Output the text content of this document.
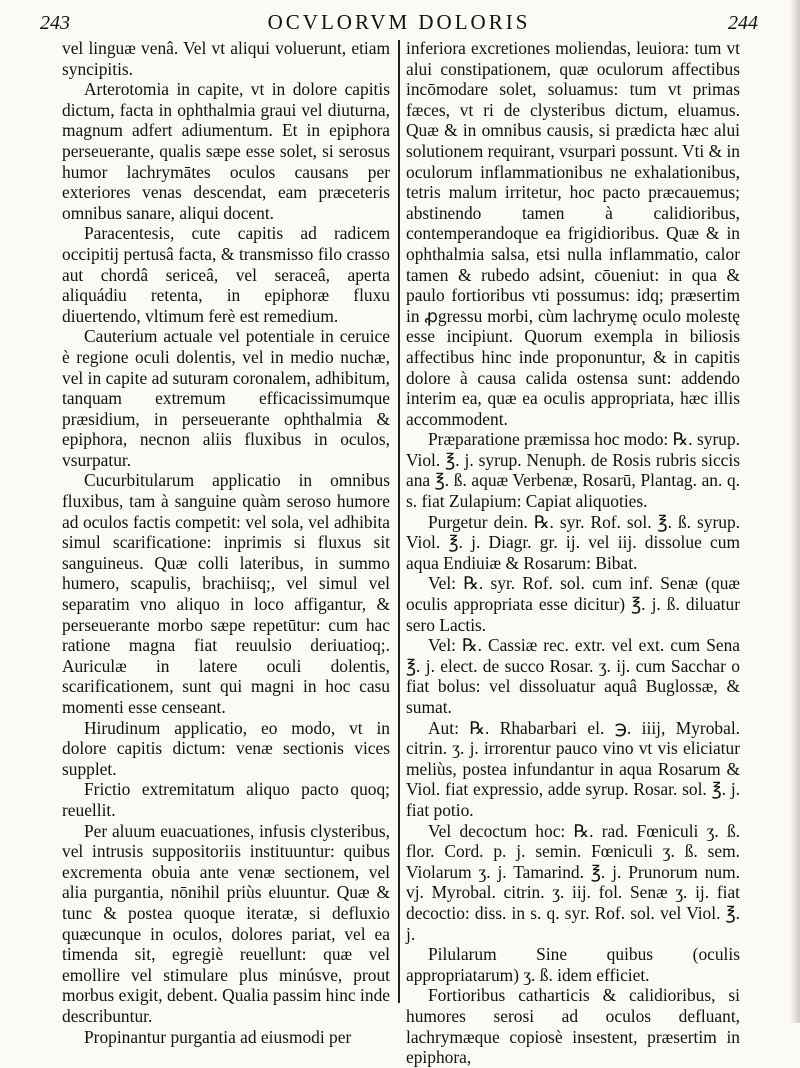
243	OCVLORVM DOLORIS	244

vel linguæ venâ. Vel vt aliqui voluerunt, etiam syncipitis.

Arterotomia in capite, vt in dolore capitis dictum, facta in ophthalmia graui vel diuturna, magnum adfert adiumentum. Et in epiphora perseuerante, qualis sæpe esse solet, si serosus humor lachrymātes oculos causans per exteriores venas descendat, eam præceteris omnibus sanare, aliqui docent.

Paracentesis, cute capitis ad radicem occipitij pertusâ facta, & transmisso filo crasso aut chordâ sericeâ, vel seraceâ, aperta aliquádiu retenta, in epiphoræ fluxu diuertendo, vltimum ferè est remedium.

Cauterium actuale vel potentiale in ceruice è regione oculi dolentis, vel in medio nuchæ, vel in capite ad suturam coronalem, adhibitum, tanquam extremum efficacissimumque præsidium, in perseuerante ophthalmia & epiphora, necnon aliis fluxibus in oculos, vsurpatur.

Cucurbitularum applicatio in omnibus fluxibus, tam à sanguine quàm seroso humore ad oculos factis competit: vel sola, vel adhibita simul scarificatione: inprimis si fluxus sit sanguineus. Quæ colli lateribus, in summo humero, scapulis, brachiisq;, vel simul vel separatim vno aliquo in loco affigantur, & perseuerante morbo sæpe repetūtur: cum hac ratione magna fiat reuulsio deriuatioq;. Auriculæ in latere oculi dolentis, scarificationem, sunt qui magni in hoc casu momenti esse censeant.

Hirudinum applicatio, eo modo, vt in dolore capitis dictum: venæ sectionis vices supplet.

Frictio extremitatum aliquo pacto quoq; reuellit.

Per aluum euacuationes, infusis clysteribus, vel intrusis suppositoriis instituuntur: quibus excrementa obuia ante venæ sectionem, vel alia purgantia, nōnihil priùs eluuntur. Quæ & tunc & postea quoque iteratæ, si defluxio quæcunque in oculos, dolores pariat, vel ea timenda sit, egregiè reuellunt: quæ vel emollire vel stimulare plus minúsve, prout morbus exigit, debent. Qualia passim hinc inde describuntur.

Propinantur purgantia ad eiusmodi per

inferiora excretiones moliendas, leuiora: tum vt alui constipationem, quæ oculorum affectibus incōmodare solet, soluamus: tum vt primas fæces, vt ri de clysteribus dictum, eluamus. Quæ & in omnibus causis, si prædicta hæc alui solutionem requirant, vsurpari possunt. Vti & in oculorum inflammationibus ne exhalationibus, tetris malum irritetur, hoc pacto præcauemus; abstinendo tamen à calidioribus, contemperandoque ea frigidioribus. Quæ & in ophthalmia salsa, etsi nulla inflammatio, calor tamen & rubedo adsint, cōueniut: in qua & paulo fortioribus vti possumus: idq; præsertim in ꝓgressu morbi, cùm lachrymę oculo molestę esse incipiunt. Quorum exempla in biliosis affectibus hinc inde proponuntur, & in capitis dolore à causa calida ostensa sunt: addendo interim ea, quæ ea oculis appropriata, hæc illis accommodent.

Præparatione præmissa hoc modo: ℞. syrup. Viol. ℥. j. syrup. Nenuph. de Rosis rubris siccis ana ℥. ß. aquæ Verbenæ, Rosarū, Plantag. an. q. s. fiat Zulapium: Capiat aliquoties.

Purgetur dein. ℞. syr. Rof. sol. ℥. ß. syrup. Viol. ℥. j. Diagr. gr. ij. vel iij. dissolue cum aqua Endiuiæ & Rosarum: Bibat.

Vel: ℞. syr. Rof. sol. cum inf. Senæ (quæ oculis appropriata esse dicitur) ℥. j. ß. diluatur sero Lactis.

Vel: ℞. Cassiæ rec. extr. vel ext. cum Sena ℥. j. elect. de succo Rosar. ʒ. ij. cum Sacchar o fiat bolus: vel dissoluatur aquâ Buglossæ, & sumat.

Aut: ℞. Rhabarbari el. ℈. iiij, Myrobal. citrin. ʒ. j. irrorentur pauco vino vt vis eliciatur meliùs, postea infundantur in aqua Rosarum & Viol. fiat expressio, adde syrup. Rosar. sol. ℥. j. fiat potio.

Vel decoctum hoc: ℞. rad. Fœniculi ʒ. ß. flor. Cord. p. j. semin. Fœniculi ʒ. ß. sem. Violarum ʒ. j. Tamarind. ℥. j. Prunorum num. vj. Myrobal. citrin. ʒ. iij. fol. Senæ ʒ. ij. fiat decoctio: diss. in s. q. syr. Rof. sol. vel Viol. ℥. j.

Pilularum Sine quibus (oculis appropriatarum) ʒ. ß. idem efficiet.

Fortioribus catharticis & calidioribus, si humores serosi ad oculos defluant, lachrymæque copiosè insestent, præsertim in epiphora,
